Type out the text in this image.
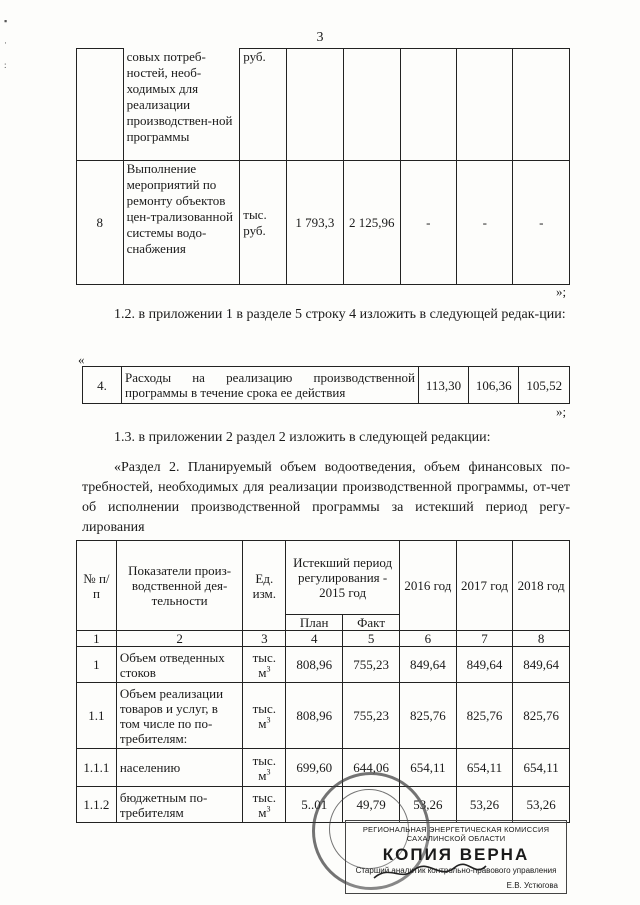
▪
·
:
3
	совых потреб-ностей, необ-ходимых для реализации производствен-ной программы	руб.					
8	Выполнение мероприятий по ремонту объектов цен-трализованной системы водо-снабжения	тыс. руб.	1 793,3	2 125,96	-	-	-
»;
1.2. в приложении 1 в разделе 5 строку 4 изложить в следующей редак-ции:
«
4.	Расходы на реализацию производственной программы в течение срока ее действия	113,30	106,36	105,52
»;
1.3. в приложении 2 раздел 2 изложить в следующей редакции:
«Раздел 2. Планируемый объем водоотведения, объем финансовых по-требностей, необходимых для реализации производственной программы, от-чет об исполнении производственной программы за истекший период регу-лирования
№ п/п	Показатели произ-водственной дея-тельности	Ед. изм.	Истекший период регулирования - 2015 год		2016 год	2017 год	2018 год
			План	Факт			
1	2	3	4	5	6	7	8
1	Объем отведенных стоков	тыс. $м^3$	808,96	755,23	849,64	849,64	849,64
1.1	Объем реализации товаров и услуг, в том числе по по-требителям:	тыс. $м^3$	808,96	755,23	825,76	825,76	825,76
1.1.1	населению	тыс. $м^3$	699,60	644,06	654,11	654,11	654,11
1.1.2	бюджетным по-требителям	тыс. $м^3$	5..01	49,79	53,26	53,26	53,26
РЕГИОНАЛЬНАЯ ЭНЕРГЕТИЧЕСКАЯ КОМИССИЯ САХАЛИНСКОЙ ОБЛАСТИ
КОПИЯ ВЕРНА
Старший аналитик контрольно-правового управления
Е.В. Устюгова
